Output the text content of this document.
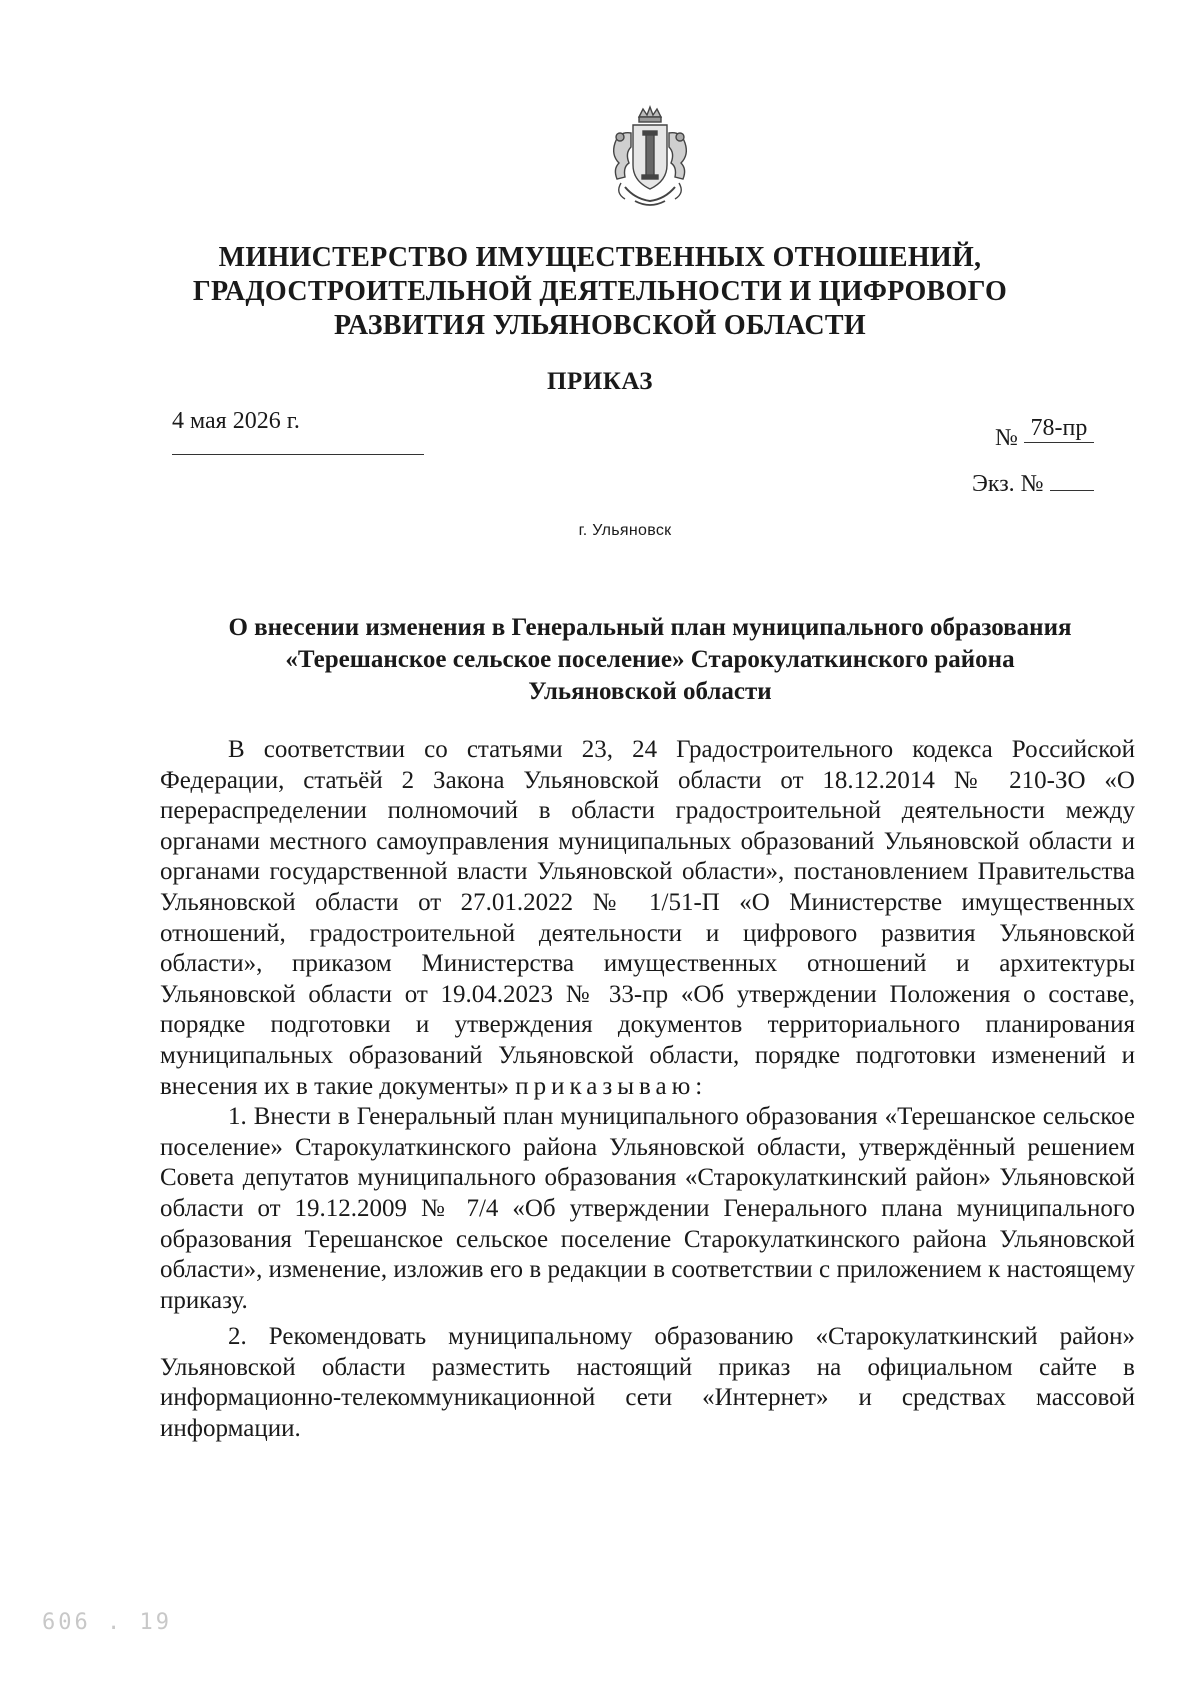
МИНИСТЕРСТВО ИМУЩЕСТВЕННЫХ ОТНОШЕНИЙ,
ГРАДОСТРОИТЕЛЬНОЙ ДЕЯТЕЛЬНОСТИ И ЦИФРОВОГО
РАЗВИТИЯ УЛЬЯНОВСКОЙ ОБЛАСТИ
ПРИКАЗ
4 мая 2026 г.
№ 78-пр
Экз. №
г. Ульяновск
О внесении изменения в Генеральный план муниципального образования
«Терешанское сельское поселение» Старокулаткинского района
Ульяновской области

В соответствии со статьями 23, 24 Градостроительного кодекса Российской Федерации, статьёй 2 Закона Ульяновской области от 18.12.2014 № 210-ЗО «О перераспределении полномочий в области градостроительной деятельности между органами местного самоуправления муниципальных образований Ульяновской области и органами государственной власти Ульяновской области», постановлением Правительства Ульяновской области от 27.01.2022 № 1/51-П «О Министерстве имущественных отношений, градостроительной деятельности и цифрового развития Ульяновской области», приказом Министерства имущественных отношений и архитектуры Ульяновской области от 19.04.2023 № 33-пр «Об утверждении Положения о составе, порядке подготовки и утверждения документов территориального планирования муниципальных образований Ульяновской области, порядке подготовки изменений и внесения их в такие документы» приказываю:

1. Внести в Генеральный план муниципального образования «Терешанское сельское поселение» Старокулаткинского района Ульяновской области, утверждённый решением Совета депутатов муниципального образования «Старокулаткинский район» Ульяновской области от 19.12.2009 № 7/4 «Об утверждении Генерального плана муниципального образования Терешанское сельское поселение Старокулаткинского района Ульяновской области», изменение, изложив его в редакции в соответствии с приложением к настоящему приказу.

2. Рекомендовать муниципальному образованию «Старокулаткинский район» Ульяновской области разместить настоящий приказ на официальном сайте в информационно-телекоммуникационной сети «Интернет» и средствах массовой информации.

606 . 19
